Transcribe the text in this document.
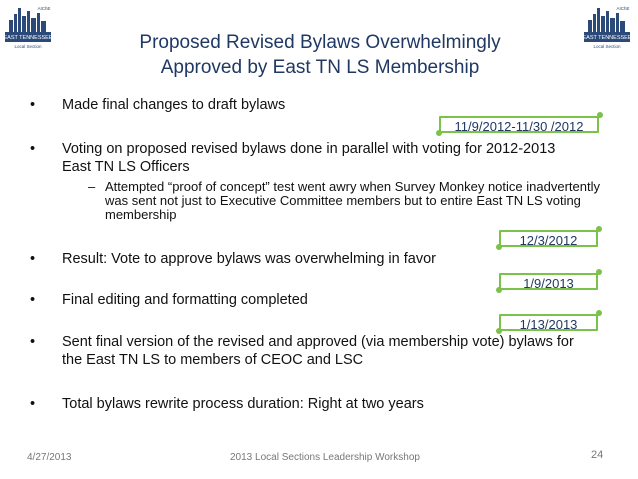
EAST TENNESSEE
Local Section
AIChE
EAST TENNESSEE
Local Section
AIChE
Proposed Revised Bylaws Overwhelmingly
Approved by East TN LS Membership
• Made final changes to draft bylaws
• Voting on proposed revised bylaws done in parallel with voting for 2012-2013 East TN LS Officers
– Attempted “proof of concept” test went awry when Survey Monkey notice inadvertently was sent not just to Executive Committee members but to entire East TN LS voting membership
• Result: Vote to approve bylaws was overwhelming in favor
• Final editing and formatting completed
• Sent final version of the revised and approved (via membership vote) bylaws for the East TN LS to members of CEOC and LSC
• Total bylaws rewrite process duration: Right at two years
11/9/2012-11/30 /2012
12/3/2012
1/9/2013
1/13/2013
4/27/2013	2013 Local Sections Leadership Workshop	24
